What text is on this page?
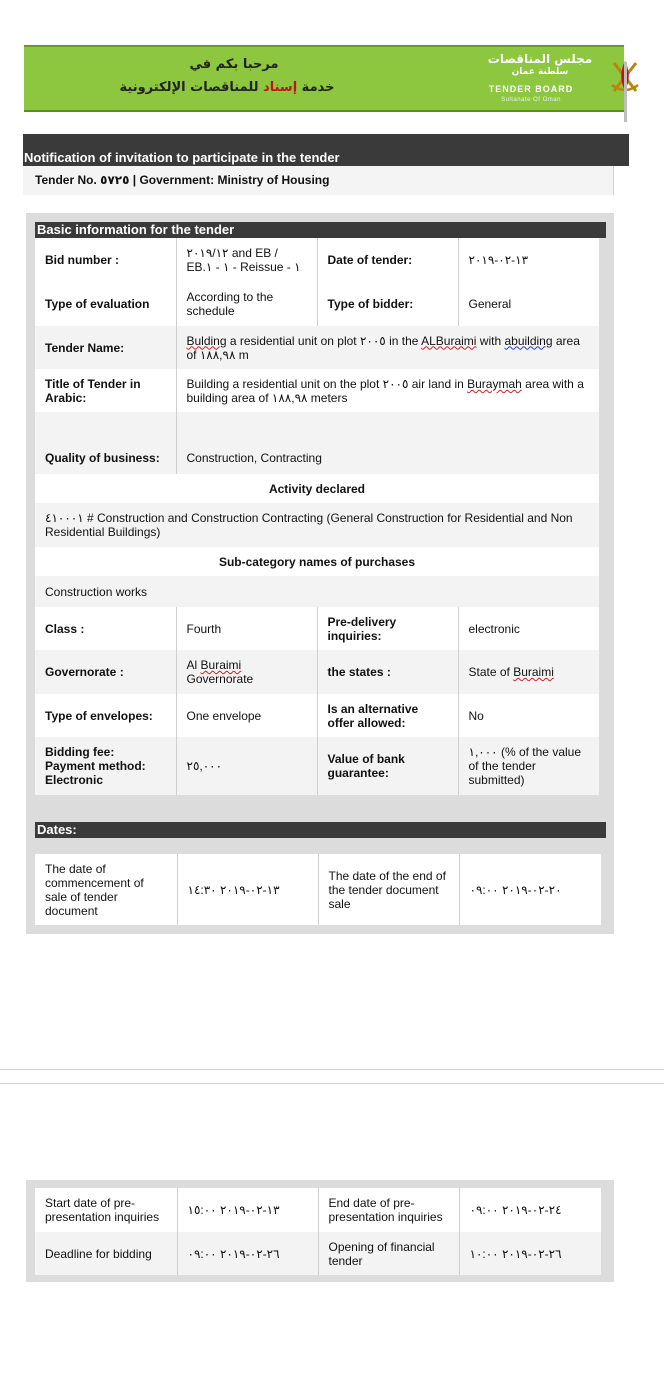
مرحبا بكم في
خدمة إسناد للمناقصات الإلكترونية
مجلس المناقصات
سلطنة عمان
TENDER BOARD
Sultanate Of Oman
Notification of invitation to participate in the tender
Tender No. ٥٧٢٥ | Government: Ministry of Housing
Basic information for the tender
Bid number :	٢٠١٩/١٢ and EB / EB.١ - ١ - Reissue - ١	Date of tender:	١٣-٠٢-٢٠١٩
Type of evaluation	According to the schedule	Type of bidder:	General
Tender Name:	Bulding a residential unit on plot ٢٠٠٥ in the ALBuraimi with abuilding area of ١٨٨,٩٨ m		
Title of Tender in Arabic:	Building a residential unit on the plot ٢٠٠٥ air land in Buraymah area with a building area of ١٨٨,٩٨ meters		
Quality of business:	Construction, Contracting		
Activity declared			
٤١٠٠٠١ # Construction and Construction Contracting (General Construction for Residential and Non Residential Buildings)			
Sub-category names of purchases			
Construction works			
Class :	Fourth	Pre-delivery inquiries:	electronic
Governorate :	Al Buraimi Governorate	the states :	State of Buraimi
Type of envelopes:	One envelope	Is an alternative offer allowed:	No

Bidding fee:
Payment method:
Electronic	٢٥,٠٠٠	Value of bank guarantee:	١,٠٠٠ (% of the value of the tender submitted)
Dates:
The date of commencement of sale of tender document	١٣-٠٢-٢٠١٩ ١٤:٣٠	The date of the end of the tender document sale	٢٠-٠٢-٢٠١٩ ٠٩:٠٠
Start date of pre-presentation inquiries	١٣-٠٢-٢٠١٩ ١٥:٠٠	End date of pre-presentation inquiries	٢٤-٠٢-٢٠١٩ ٠٩:٠٠
Deadline for bidding	٢٦-٠٢-٢٠١٩ ٠٩:٠٠	Opening of financial tender	٢٦-٠٢-٢٠١٩ ١٠:٠٠
